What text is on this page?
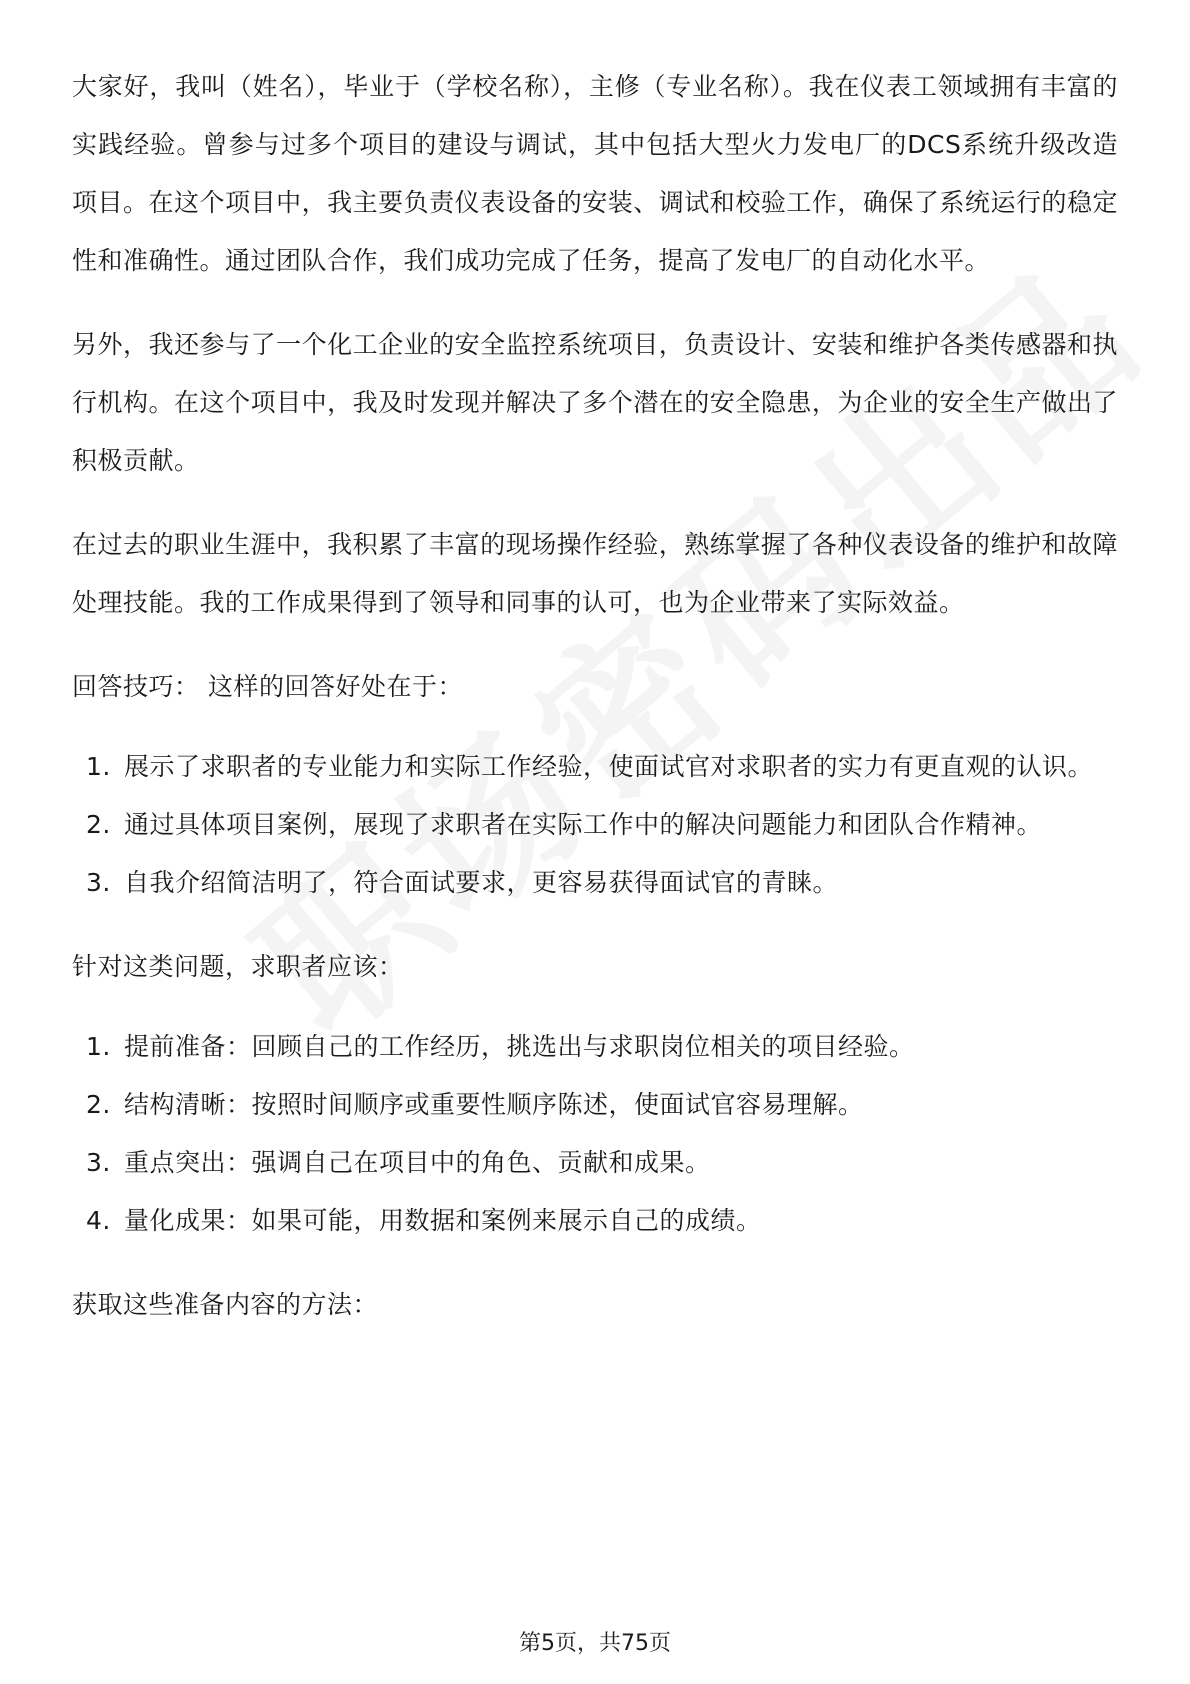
大家好，我叫（姓名），毕业于（学校名称），主修（专业名称）。我在仪表工领域拥有丰富的实践经验。曾参与过多个项目的建设与调试，其中包括大型火力发电厂的DCS系统升级改造项目。在这个项目中，我主要负责仪表设备的安装、调试和校验工作，确保了系统运行的稳定性和准确性。通过团队合作，我们成功完成了任务，提高了发电厂的自动化水平。

另外，我还参与了一个化工企业的安全监控系统项目，负责设计、安装和维护各类传感器和执行机构。在这个项目中，我及时发现并解决了多个潜在的安全隐患，为企业的安全生产做出了积极贡献。

在过去的职业生涯中，我积累了丰富的现场操作经验，熟练掌握了各种仪表设备的维护和故障处理技能。我的工作成果得到了领导和同事的认可，也为企业带来了实际效益。

回答技巧： 这样的回答好处在于：

1. 展示了求职者的专业能力和实际工作经验，使面试官对求职者的实力有更直观的认识。
2. 通过具体项目案例，展现了求职者在实际工作中的解决问题能力和团队合作精神。
3. 自我介绍简洁明了，符合面试要求，更容易获得面试官的青睐。

针对这类问题，求职者应该：

1. 提前准备：回顾自己的工作经历，挑选出与求职岗位相关的项目经验。
2. 结构清晰：按照时间顺序或重要性顺序陈述，使面试官容易理解。
3. 重点突出：强调自己在项目中的角色、贡献和成果。
4. 量化成果：如果可能，用数据和案例来展示自己的成绩。

获取这些准备内容的方法：

第5页，共75页
